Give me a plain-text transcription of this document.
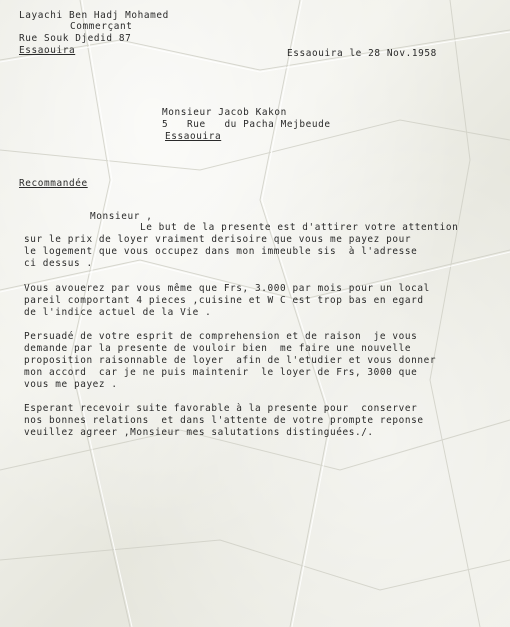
Layachi Ben Hadj Mohamed
Commerçant
Rue Souk Djedid 87
Essaouira	Essaouira le 28 Nov.1958
Monsieur Jacob Kakon
5   Rue   du Pacha Mejbeude
Essaouira
Recommandée
Monsieur ,
Le but de la presente est d'attirer votre attention
sur le prix de loyer vraiment derisoire que vous me payez pour
le logement que vous occupez dans mon immeuble sis  à l'adresse
ci dessus .
Vous avouerez par vous même que Frs, 3.000 par mois pour un local
pareil comportant 4 pieces ,cuisine et W C est trop bas en egard
de l'indice actuel de la Vie .
Persuadé de votre esprit de comprehension et de raison  je vous
demande par la presente de vouloir bien  me faire une nouvelle
proposition raisonnable de loyer  afin de l'etudier et vous donner
mon accord  car je ne puis maintenir  le loyer de Frs, 3000 que
vous me payez .
Esperant recevoir suite favorable à la presente pour  conserver
nos bonnes relations  et dans l'attente de votre prompte reponse
veuillez agreer ,Monsieur mes salutations distinguées./.
